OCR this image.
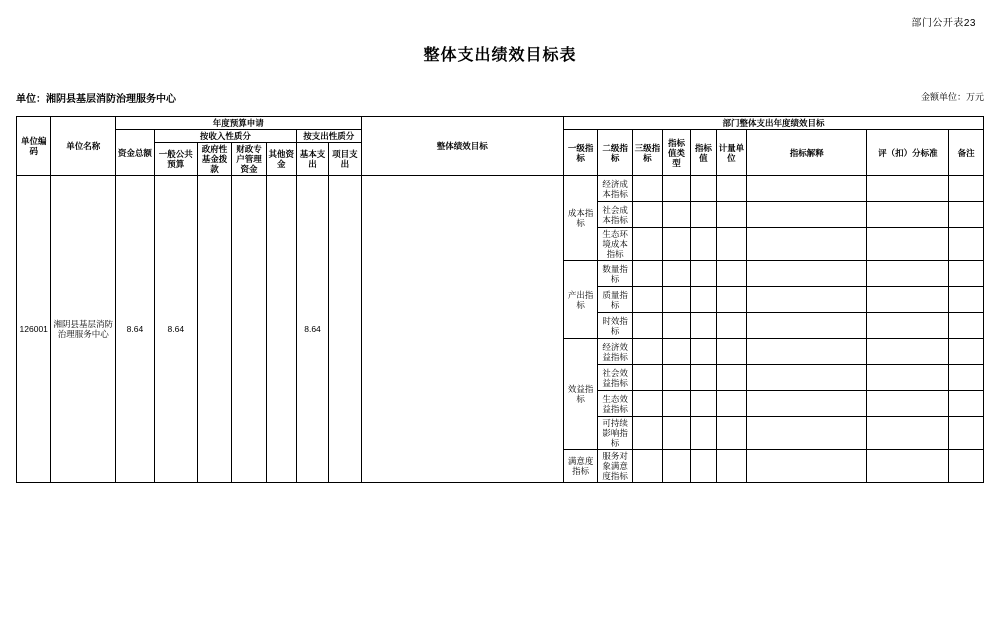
部门公开表23
整体支出绩效目标表
单位：湘阴县基层消防治理服务中心	金额单位：万元
单位编码	单位名称	年度预算申请							整体绩效目标	部门整体支出年度绩效目标								
		资金总额	按收入性质分				按支出性质分			一级指标	二级指标	三级指标	指标值类型	指标值	计量单位	指标解释	评（扣）分标准	备注
			一般公共预算	政府性基金拨款	财政专户管理资金	其他资金	基本支出	项目支出										
126001	湘阴县基层消防治理服务中心	8.64	8.64				8.64			成本指标	经济成本指标							
											社会成本指标							
											生态环境成本指标							
										产出指标	数量指标							
											质量指标							
											时效指标							
										效益指标	经济效益指标							
											社会效益指标							
											生态效益指标							
											可持续影响指标							
										满意度指标	服务对象满意度指标							
